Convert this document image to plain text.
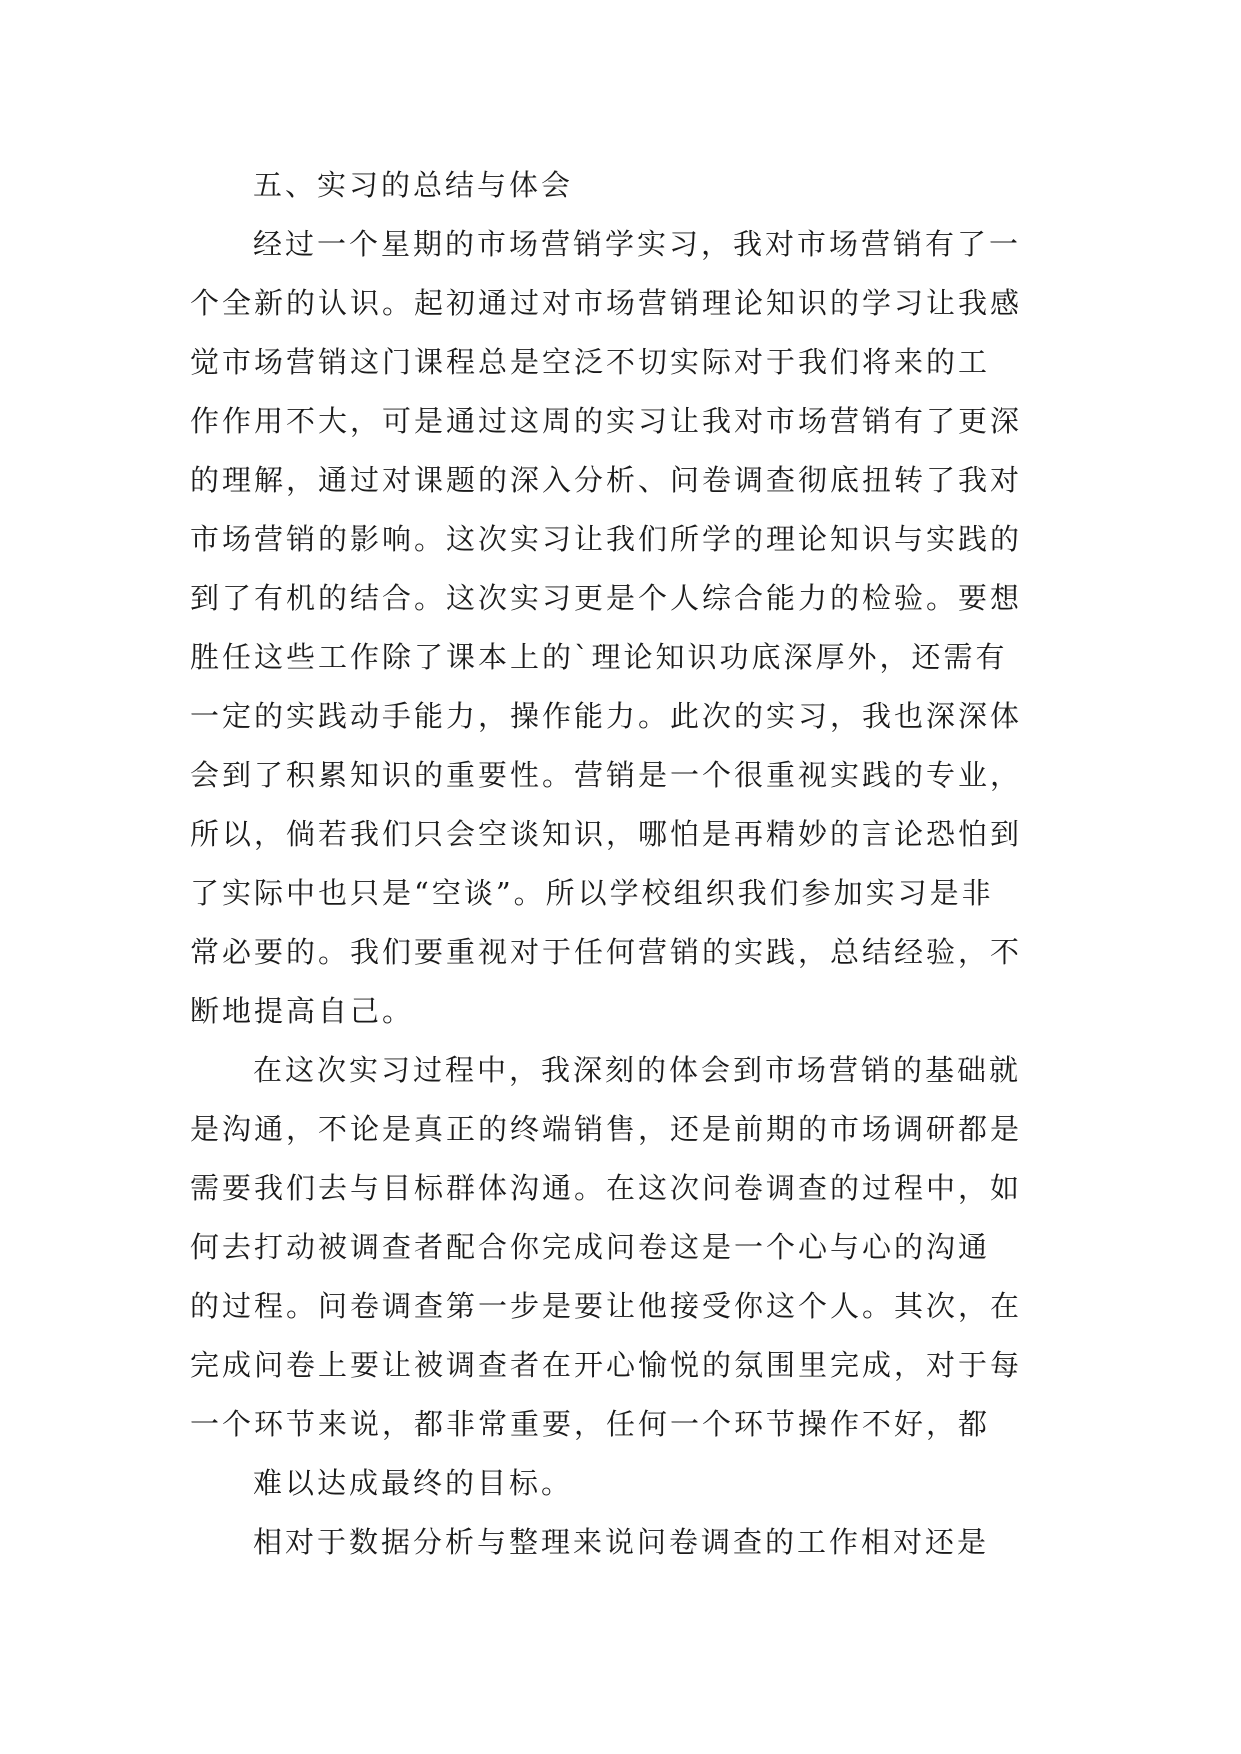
五、实习的总结与体会
经过一个星期的市场营销学实习，我对市场营销有了一
个全新的认识。起初通过对市场营销理论知识的学习让我感
觉市场营销这门课程总是空泛不切实际对于我们将来的工
作作用不大，可是通过这周的实习让我对市场营销有了更深
的理解，通过对课题的深入分析、问卷调查彻底扭转了我对
市场营销的影响。这次实习让我们所学的理论知识与实践的
到了有机的结合。这次实习更是个人综合能力的检验。要想
胜任这些工作除了课本上的`理论知识功底深厚外，还需有
一定的实践动手能力，操作能力。此次的实习，我也深深体
会到了积累知识的重要性。营销是一个很重视实践的专业，
所以，倘若我们只会空谈知识，哪怕是再精妙的言论恐怕到
了实际中也只是“空谈”。所以学校组织我们参加实习是非
常必要的。我们要重视对于任何营销的实践，总结经验，不
断地提高自己。
在这次实习过程中，我深刻的体会到市场营销的基础就
是沟通，不论是真正的终端销售，还是前期的市场调研都是
需要我们去与目标群体沟通。在这次问卷调查的过程中，如
何去打动被调查者配合你完成问卷这是一个心与心的沟通
的过程。问卷调查第一步是要让他接受你这个人。其次，在
完成问卷上要让被调查者在开心愉悦的氛围里完成，对于每
一个环节来说，都非常重要，任何一个环节操作不好，都
难以达成最终的目标。
相对于数据分析与整理来说问卷调查的工作相对还是
